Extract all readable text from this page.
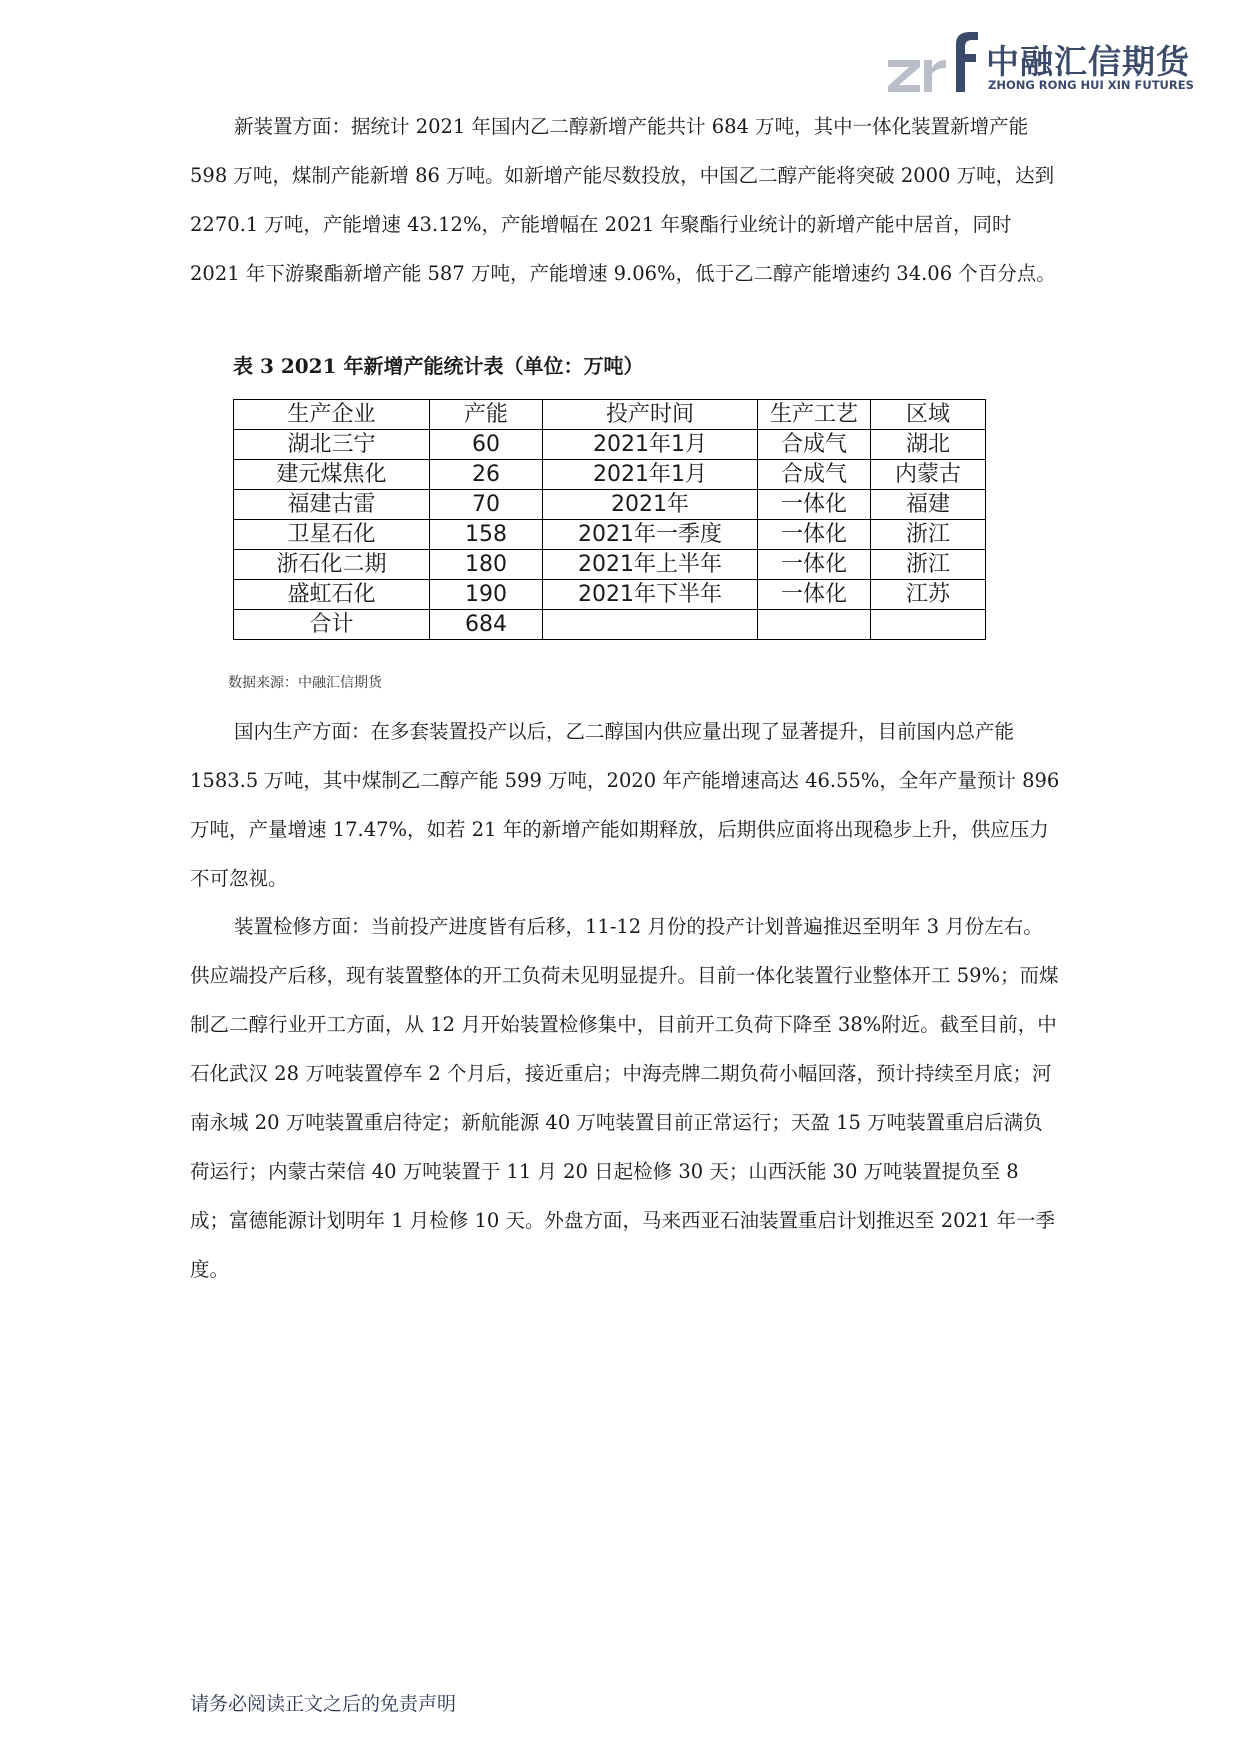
中融汇信期货
ZHONG RONG HUI XIN FUTURES

新装置方面：据统计 2021 年国内乙二醇新增产能共计 684 万吨，其中一体化装置新增产能 598 万吨，煤制产能新增 86 万吨。如新增产能尽数投放，中国乙二醇产能将突破 2000 万吨，达到 2270.1 万吨，产能增速 43.12%，产能增幅在 2021 年聚酯行业统计的新增产能中居首，同时 2021 年下游聚酯新增产能 587 万吨，产能增速 9.06%，低于乙二醇产能增速约 34.06 个百分点。

表 3 2021 年新增产能统计表（单位：万吨）

生产企业	产能	投产时间	生产工艺	区域
湖北三宁	60	2021年1月	合成气	湖北
建元煤焦化	26	2021年1月	合成气	内蒙古
福建古雷	70	2021年	一体化	福建
卫星石化	158	2021年一季度	一体化	浙江
浙石化二期	180	2021年上半年	一体化	浙江
盛虹石化	190	2021年下半年	一体化	江苏
合计	684			

数据来源：中融汇信期货

国内生产方面：在多套装置投产以后，乙二醇国内供应量出现了显著提升，目前国内总产能 1583.5 万吨，其中煤制乙二醇产能 599 万吨，2020 年产能增速高达 46.55%，全年产量预计 896 万吨，产量增速 17.47%，如若 21 年的新增产能如期释放，后期供应面将出现稳步上升，供应压力不可忽视。

装置检修方面：当前投产进度皆有后移，11-12 月份的投产计划普遍推迟至明年 3 月份左右。供应端投产后移，现有装置整体的开工负荷未见明显提升。目前一体化装置行业整体开工 59%；而煤制乙二醇行业开工方面，从 12 月开始装置检修集中，目前开工负荷下降至 38%附近。截至目前，中石化武汉 28 万吨装置停车 2 个月后，接近重启；中海壳牌二期负荷小幅回落，预计持续至月底；河南永城 20 万吨装置重启待定；新航能源 40 万吨装置目前正常运行；天盈 15 万吨装置重启后满负荷运行；内蒙古荣信 40 万吨装置于 11 月 20 日起检修 30 天；山西沃能 30 万吨装置提负至 8 成；富德能源计划明年 1 月检修 10 天。外盘方面，马来西亚石油装置重启计划推迟至 2021 年一季度。

请务必阅读正文之后的免责声明
